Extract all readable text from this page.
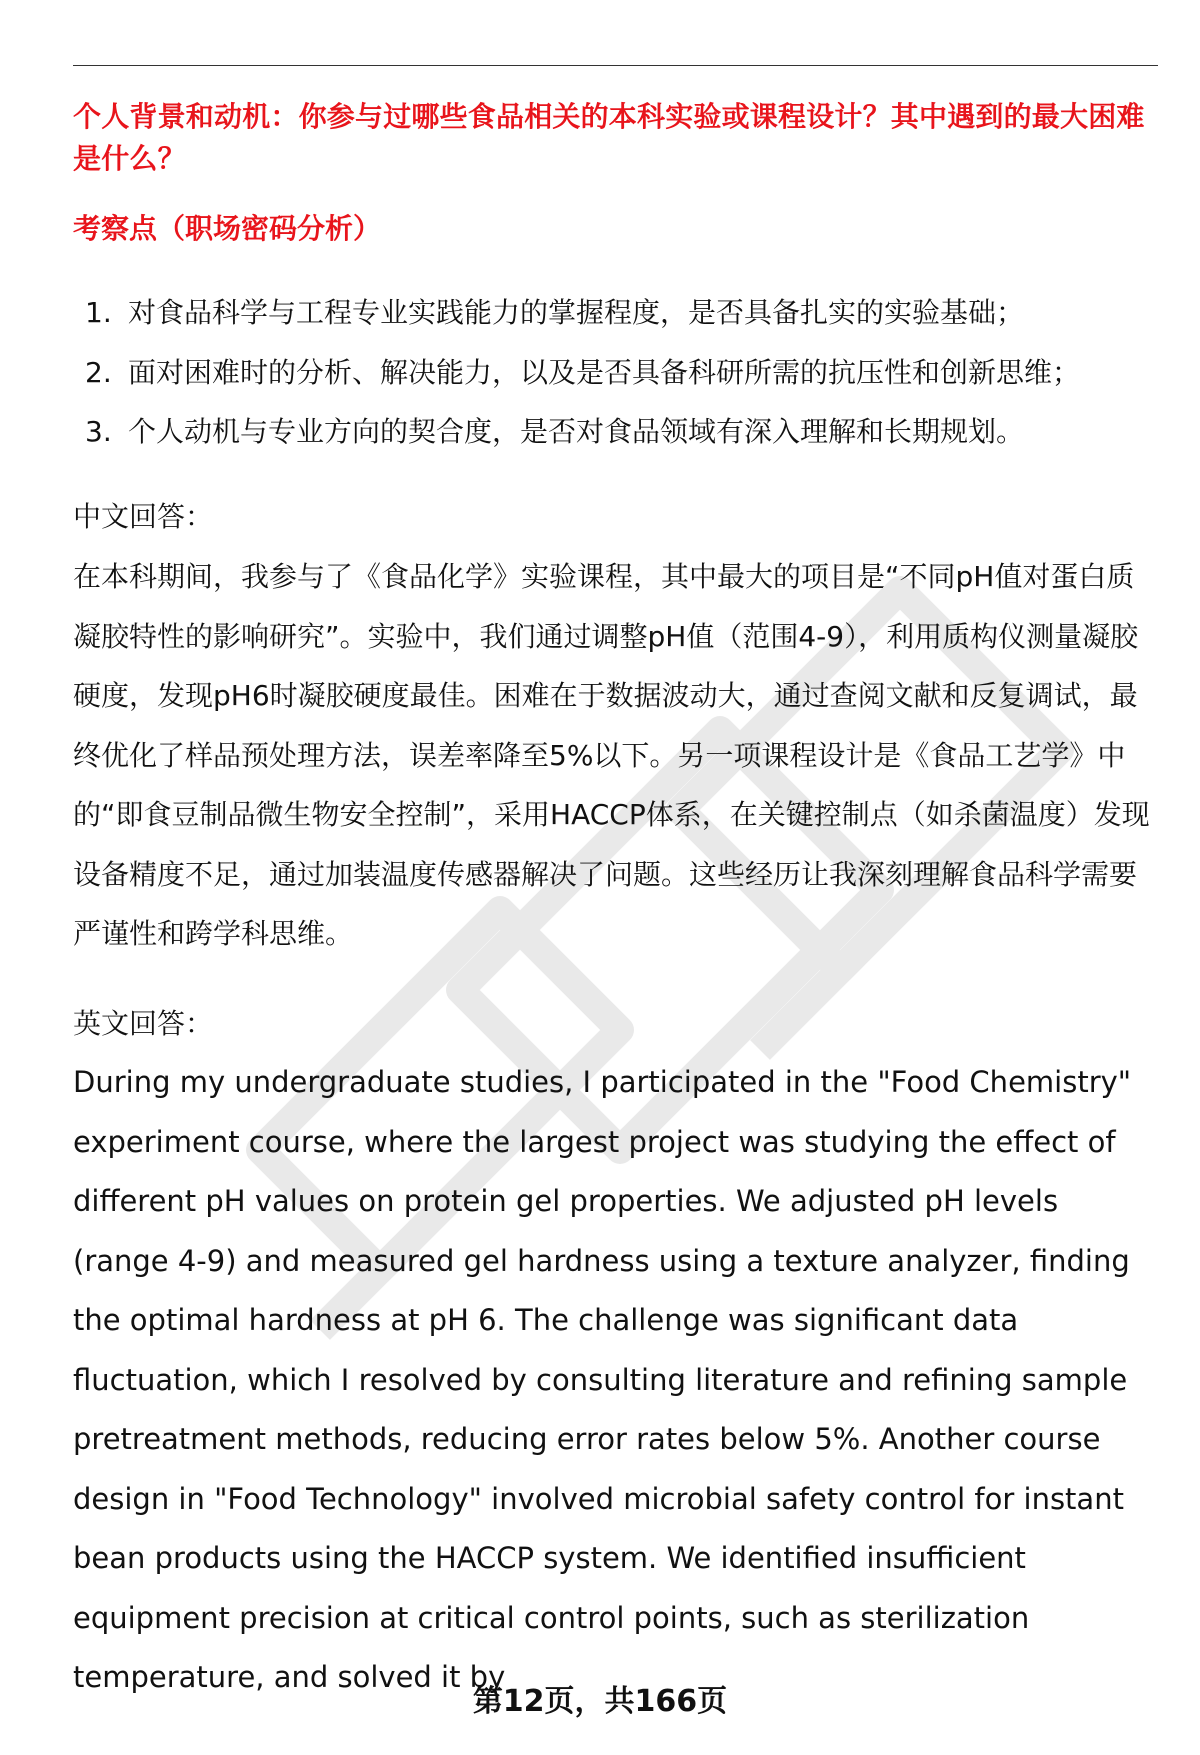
个人背景和动机：你参与过哪些食品相关的本科实验或课程设计？其中遇到的最大困难是什么？
考察点（职场密码分析）
1. 对食品科学与工程专业实践能力的掌握程度，是否具备扎实的实验基础；
2. 面对困难时的分析、解决能力，以及是否具备科研所需的抗压性和创新思维；
3. 个人动机与专业方向的契合度，是否对食品领域有深入理解和长期规划。
中文回答：

在本科期间，我参与了《食品化学》实验课程，其中最大的项目是“不同pH值对蛋白质凝胶特性的影响研究”。实验中，我们通过调整pH值（范围4-9），利用质构仪测量凝胶硬度，发现pH6时凝胶硬度最佳。困难在于数据波动大，通过查阅文献和反复调试，最终优化了样品预处理方法，误差率降至5%以下。另一项课程设计是《食品工艺学》中的“即食豆制品微生物安全控制”，采用HACCP体系，在关键控制点（如杀菌温度）发现设备精度不足，通过加装温度传感器解决了问题。这些经历让我深刻理解食品科学需要严谨性和跨学科思维。

英文回答：

During my undergraduate studies, I participated in the "Food Chemistry" experiment course, where the largest project was studying the effect of different pH values on protein gel properties. We adjusted pH levels (range 4-9) and measured gel hardness using a texture analyzer, finding the optimal hardness at pH 6. The challenge was significant data fluctuation, which I resolved by consulting literature and refining sample pretreatment methods, reducing error rates below 5%. Another course design in "Food Technology" involved microbial safety control for instant bean products using the HACCP system. We identified insufficient equipment precision at critical control points, such as sterilization temperature, and solved it by

第12页，共166页
